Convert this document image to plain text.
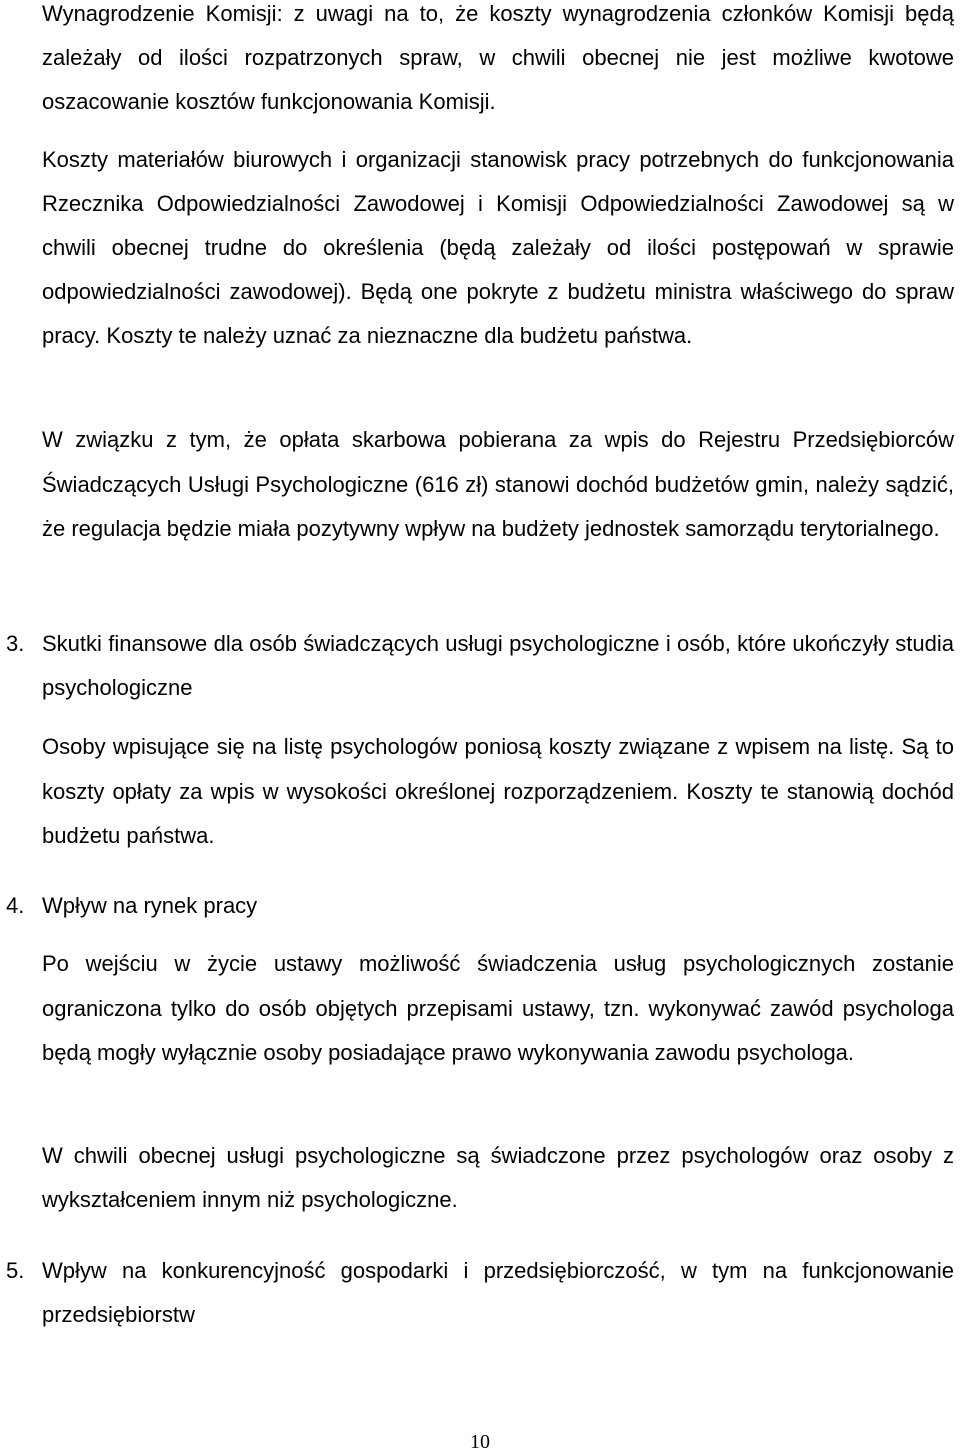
Wynagrodzenie Komisji: z uwagi na to, że koszty wynagrodzenia członków Komisji będą zależały od ilości rozpatrzonych spraw, w chwili obecnej nie jest możliwe kwotowe oszacowanie kosztów funkcjonowania Komisji.

Koszty materiałów biurowych i organizacji stanowisk pracy potrzebnych do funkcjonowania Rzecznika Odpowiedzialności Zawodowej i Komisji Odpowiedzialności Zawodowej są w chwili obecnej trudne do określenia (będą zależały od ilości postępowań w sprawie odpowiedzialności zawodowej). Będą one pokryte z budżetu ministra właściwego do spraw pracy. Koszty te należy uznać za nieznaczne dla budżetu państwa.

W związku z tym, że opłata skarbowa pobierana za wpis do Rejestru Przedsiębiorców Świadczących Usługi Psychologiczne (616 zł) stanowi dochód budżetów gmin, należy sądzić, że regulacja będzie miała pozytywny wpływ na budżety jednostek samorządu terytorialnego.

3. Skutki finansowe dla osób świadczących usługi psychologiczne i osób, które ukończyły studia psychologiczne

Osoby wpisujące się na listę psychologów poniosą koszty związane z wpisem na listę. Są to koszty opłaty za wpis w wysokości określonej rozporządzeniem. Koszty te stanowią dochód budżetu państwa.

4. Wpływ na rynek pracy

Po wejściu w życie ustawy możliwość świadczenia usług psychologicznych zostanie ograniczona tylko do osób objętych przepisami ustawy, tzn. wykonywać zawód psychologa będą mogły wyłącznie osoby posiadające prawo wykonywania zawodu psychologa.

W chwili obecnej usługi psychologiczne są świadczone przez psychologów oraz osoby z wykształceniem innym niż psychologiczne.

5. Wpływ na konkurencyjność gospodarki i przedsiębiorczość, w tym na funkcjonowanie przedsiębiorstw

10
